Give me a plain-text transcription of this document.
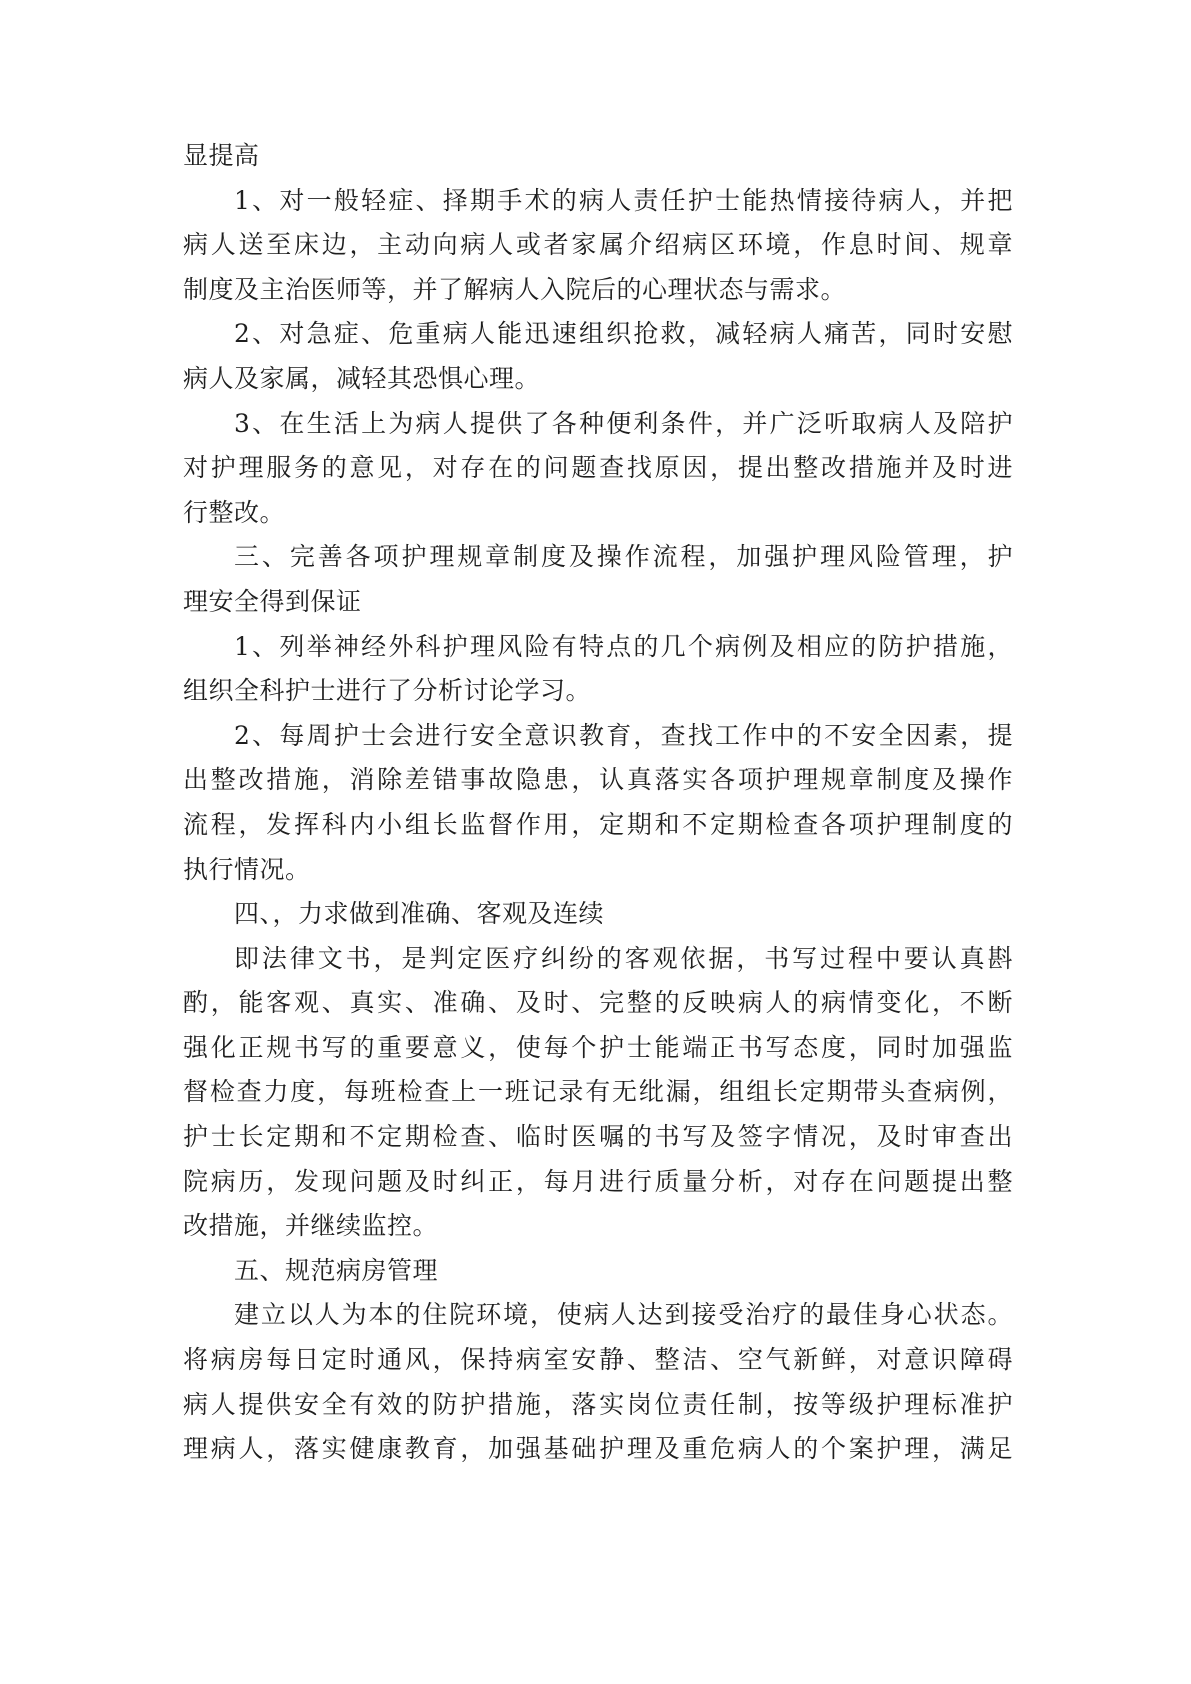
显提高
1、对一般轻症、择期手术的病人责任护士能热情接待病人，并把
病人送至床边，主动向病人或者家属介绍病区环境，作息时间、规章
制度及主治医师等，并了解病人入院后的心理状态与需求。
2、对急症、危重病人能迅速组织抢救，减轻病人痛苦，同时安慰
病人及家属，减轻其恐惧心理。
3、在生活上为病人提供了各种便利条件，并广泛听取病人及陪护
对护理服务的意见，对存在的问题查找原因，提出整改措施并及时进
行整改。
三、完善各项护理规章制度及操作流程，加强护理风险管理，护
理安全得到保证
1、列举神经外科护理风险有特点的几个病例及相应的防护措施，
组织全科护士进行了分析讨论学习。
2、每周护士会进行安全意识教育，查找工作中的不安全因素，提
出整改措施，消除差错事故隐患，认真落实各项护理规章制度及操作
流程，发挥科内小组长监督作用，定期和不定期检查各项护理制度的
执行情况。
四、，力求做到准确、客观及连续
即法律文书，是判定医疗纠纷的客观依据，书写过程中要认真斟
酌，能客观、真实、准确、及时、完整的反映病人的病情变化，不断
强化正规书写的重要意义，使每个护士能端正书写态度，同时加强监
督检查力度，每班检查上一班记录有无纰漏，组组长定期带头查病例，
护士长定期和不定期检查、临时医嘱的书写及签字情况，及时审查出
院病历，发现问题及时纠正，每月进行质量分析，对存在问题提出整
改措施，并继续监控。
五、规范病房管理
建立以人为本的住院环境，使病人达到接受治疗的最佳身心状态。
将病房每日定时通风，保持病室安静、整洁、空气新鲜，对意识障碍
病人提供安全有效的防护措施，落实岗位责任制，按等级护理标准护
理病人，落实健康教育，加强基础护理及重危病人的个案护理，满足
